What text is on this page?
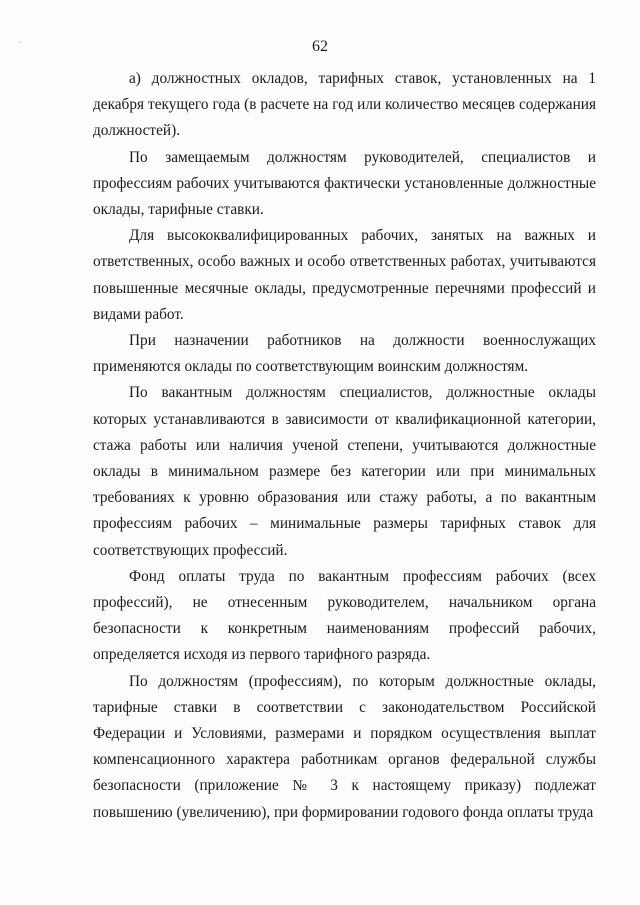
62

а) должностных окладов, тарифных ставок, установленных на 1 декабря текущего года (в расчете на год или количество месяцев содержания должностей).

По замещаемым должностям руководителей, специалистов и профессиям рабочих учитываются фактически установленные должностные оклады, тарифные ставки.

Для высококвалифицированных рабочих, занятых на важных и ответственных, особо важных и особо ответственных работах, учитываются повышенные месячные оклады, предусмотренные перечнями профессий и видами работ.

При назначении работников на должности военнослужащих применяются оклады по соответствующим воинским должностям.

По вакантным должностям специалистов, должностные оклады которых устанавливаются в зависимости от квалификационной категории, стажа работы или наличия ученой степени, учитываются должностные оклады в минимальном размере без категории или при минимальных требованиях к уровню образования или стажу работы, а по вакантным профессиям рабочих – минимальные размеры тарифных ставок для соответствующих профессий.

Фонд оплаты труда по вакантным профессиям рабочих (всех профессий), не отнесенным руководителем, начальником органа безопасности к конкретным наименованиям профессий рабочих, определяется исходя из первого тарифного разряда.

По должностям (профессиям), по которым должностные оклады, тарифные ставки в соответствии с законодательством Российской Федерации и Условиями, размерами и порядком осуществления выплат компенсационного характера работникам органов федеральной службы безопасности (приложение № 3 к настоящему приказу) подлежат повышению (увеличению), при формировании годового фонда оплаты труда
